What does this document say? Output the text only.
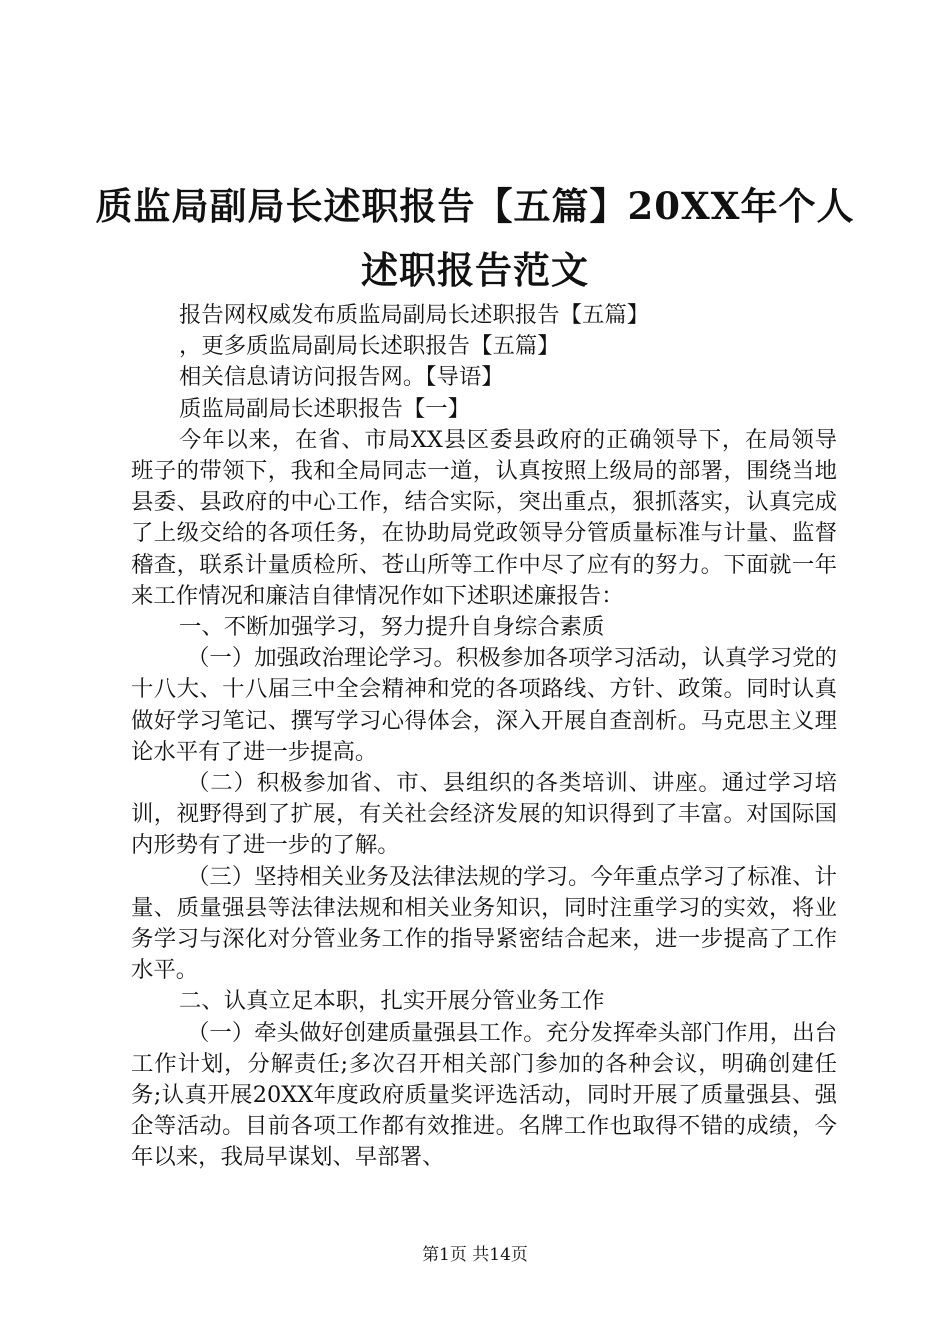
质监局副局长述职报告【五篇】20XX年个人
述职报告范文

报告网权威发布质监局副局长述职报告【五篇】

，更多质监局副局长述职报告【五篇】

相关信息请访问报告网。【导语】

质监局副局长述职报告【一】

今年以来，在省、市局XX县区委县政府的正确领导下，在局领导班子的带领下，我和全局同志一道，认真按照上级局的部署，围绕当地县委、县政府的中心工作，结合实际，突出重点，狠抓落实，认真完成了上级交给的各项任务，在协助局党政领导分管质量标准与计量、监督稽查，联系计量质检所、苍山所等工作中尽了应有的努力。下面就一年来工作情况和廉洁自律情况作如下述职述廉报告：

一、不断加强学习，努力提升自身综合素质

（一）加强政治理论学习。积极参加各项学习活动，认真学习党的十八大、十八届三中全会精神和党的各项路线、方针、政策。同时认真做好学习笔记、撰写学习心得体会，深入开展自查剖析。马克思主义理论水平有了进一步提高。

（二）积极参加省、市、县组织的各类培训、讲座。通过学习培训，视野得到了扩展，有关社会经济发展的知识得到了丰富。对国际国内形势有了进一步的了解。

（三）坚持相关业务及法律法规的学习。今年重点学习了标准、计量、质量强县等法律法规和相关业务知识，同时注重学习的实效，将业务学习与深化对分管业务工作的指导紧密结合起来，进一步提高了工作水平。

二、认真立足本职，扎实开展分管业务工作

（一）牵头做好创建质量强县工作。充分发挥牵头部门作用，出台工作计划，分解责任;多次召开相关部门参加的各种会议，明确创建任务;认真开展20XX年度政府质量奖评选活动，同时开展了质量强县、强企等活动。目前各项工作都有效推进。名牌工作也取得不错的成绩，今年以来，我局早谋划、早部署、

第1页 共14页
